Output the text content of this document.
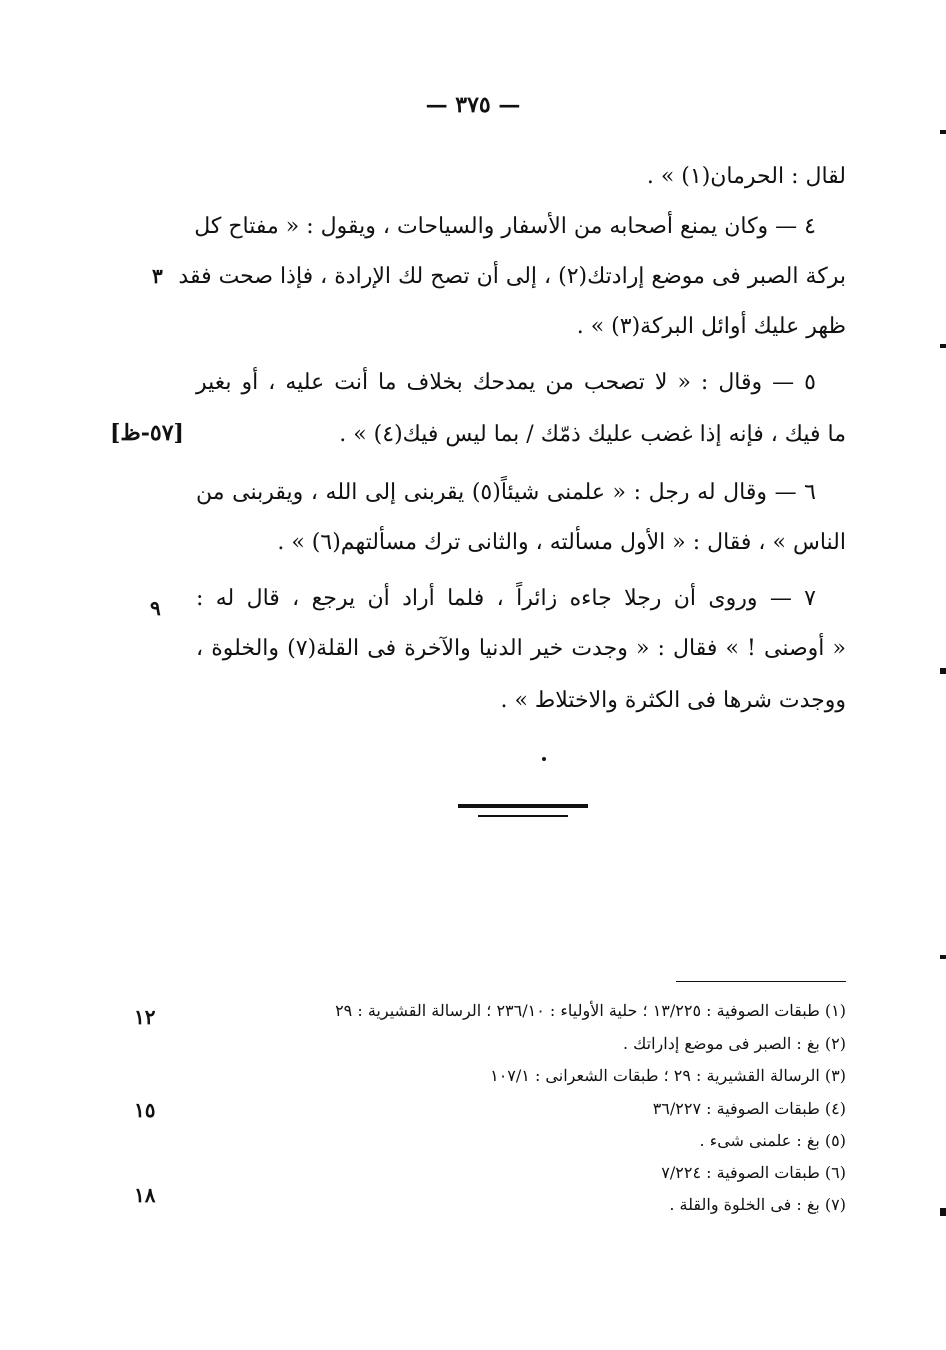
— ٣٧٥ —
لقال : الحرمان(١) » .
٤ — وكان يمنع أصحابه من الأسفار والسياحات ، ويقول : « مفتاح كل
بركة الصبر فى موضع إرادتك(٢) ، إلى أن تصح لك الإرادة ، فإذا صحت فقد
ظهر عليك أوائل البركة(٣) » .
٥ — وقال : « لا تصحب من يمدحك بخلاف ما أنت عليه ، أو بغير
ما فيك ، فإنه إذا غضب عليك ذمّك / بما ليس فيك(٤) » .
٦ — وقال له رجل : « علمنى شيئاً(٥) يقربنى إلى الله ، ويقربنى من
الناس » ، فقال : « الأول مسألته ، والثانى ترك مسألتهم(٦) » .
٧ — وروى أن رجلا جاءه زائراً ، فلما أراد أن يرجع ، قال له :
« أوصنى ! » فقال : « وجدت خير الدنيا والآخرة فى القلة(٧) والخلوة ،
ووجدت شرها فى الكثرة والاختلاط » .
٣
[٥٧-ظ]
٩
(١) طبقات الصوفية : ١٣/٢٢٥ ؛ حلية الأولياء : ٢٣٦/١٠ ؛ الرسالة القشيرية : ٢٩
(٢) بغ : الصبر فى موضع إداراتك .
(٣) الرسالة القشيرية : ٢٩ ؛ طبقات الشعرانى : ١٠٧/١
(٤) طبقات الصوفية : ٣٦/٢٢٧
(٥) بغ : علمنى شىء .
(٦) طبقات الصوفية : ٧/٢٢٤
(٧) بغ : فى الخلوة والقلة .
١٢
١٥
١٨
